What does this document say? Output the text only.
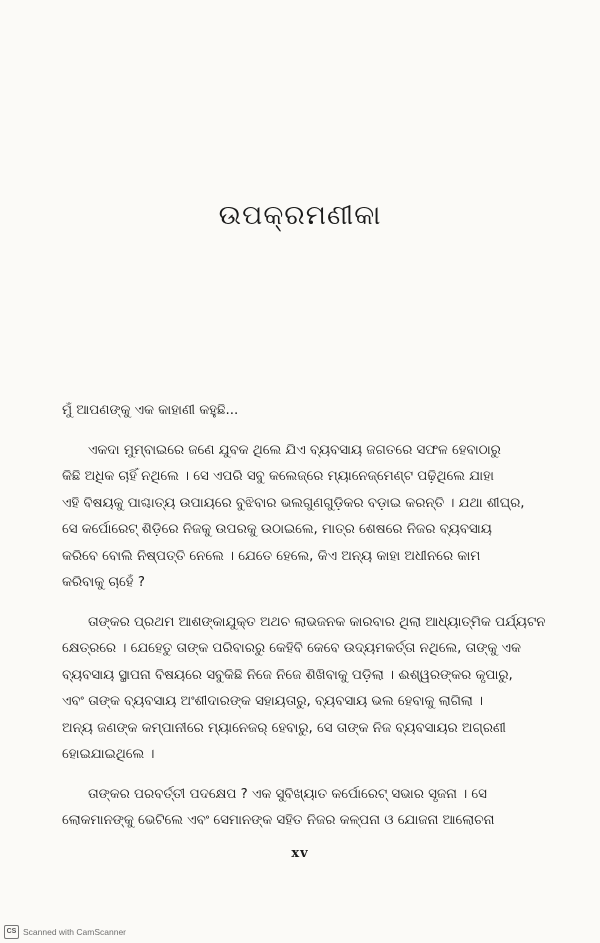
ଉପକ୍ରମଣୀକା
ମୁଁ ଆପଣଙ୍କୁ ଏକ କାହାଣୀ କହୁଛି...
ଏକଦା ମୁମ୍ବାଇରେ ଜଣେ ଯୁବକ ଥିଲେ ଯିଏ ବ୍ୟବସାୟ ଜଗତରେ ସଫଳ ହେବାଠାରୁ
କିଛି ଅଧିକ ଚାହିଁ ନଥିଲେ । ସେ ଏପରି ସବୁ କଲେଜ୍‌ରେ ମ୍ୟାନେଜ୍‌ମେଣ୍ଟ ପଢ଼ିଥିଲେ ଯାହା
ଏହି ବିଷୟକୁ ପାଶ୍ଚାତ୍ୟ ଉପାୟରେ ବୁଝିବାର ଭଲଗୁଣଗୁଡ଼ିକର ବଡ଼ାଇ କରନ୍ତି । ଯଥା ଶୀଘ୍ର,
ସେ କର୍ପୋରେଟ୍ ଶିଡ଼ିରେ ନିଜକୁ ଉପରକୁ ଉଠାଇଲେ, ମାତ୍ର ଶେଷରେ ନିଜର ବ୍ୟବସାୟ
କରିବେ ବୋଲି ନିଷ୍ପତ୍ତି ନେଲେ । ଯେତେ ହେଲେ, କିଏ ଅନ୍ୟ କାହା ଅଧୀନରେ କାମ
କରିବାକୁ ଚାହେଁ ?
ତାଙ୍କର ପ୍ରଥମ ଆଶଙ୍କାଯୁକ୍ତ ଅଥଚ ଲାଭଜନକ କାରବାର ଥିଲା ଆଧ୍ୟାତ୍ମିକ ପର୍ଯ୍ୟଟନ
କ୍ଷେତ୍ରରେ । ଯେହେତୁ ତାଙ୍କ ପରିବାରରୁ କେହିବି କେବେ ଉଦ୍ୟମକର୍ତ୍ତା ନଥିଲେ, ତାଙ୍କୁ ଏକ
ବ୍ୟବସାୟ ସ୍ଥାପନା ବିଷୟରେ ସବୁକିଛି ନିଜେ ନିଜେ ଶିଖିବାକୁ ପଡ଼ିଲା । ଈଶ୍ୱରଙ୍କର କୃପାରୁ,
ଏବଂ ତାଙ୍କ ବ୍ୟବସାୟ ଅଂଶୀଦାରଙ୍କ ସହାୟତାରୁ, ବ୍ୟବସାୟ ଭଲ ହେବାକୁ ଲାଗିଲା ।
ଅନ୍ୟ ଜଣଙ୍କ କମ୍ପାନୀରେ ମ୍ୟାନେଜର୍ ହେବାରୁ, ସେ ତାଙ୍କ ନିଜ ବ୍ୟବସାୟର ଅଗ୍ରଣୀ
ହୋଇଯାଇଥିଲେ ।
ତାଙ୍କର ପରବର୍ତ୍ତୀ ପଦକ୍ଷେପ ? ଏକ ସୁବିଖ୍ୟାତ କର୍ପୋରେଟ୍ ସଭାର ସୃଜନା । ସେ
ଲୋକମାନଙ୍କୁ ଭେଟିଲେ ଏବଂ ସେମାନଙ୍କ ସହିତ ନିଜର କଳ୍ପନା ଓ ଯୋଜନା ଆଲୋଚନା
xv
CS Scanned with CamScanner
